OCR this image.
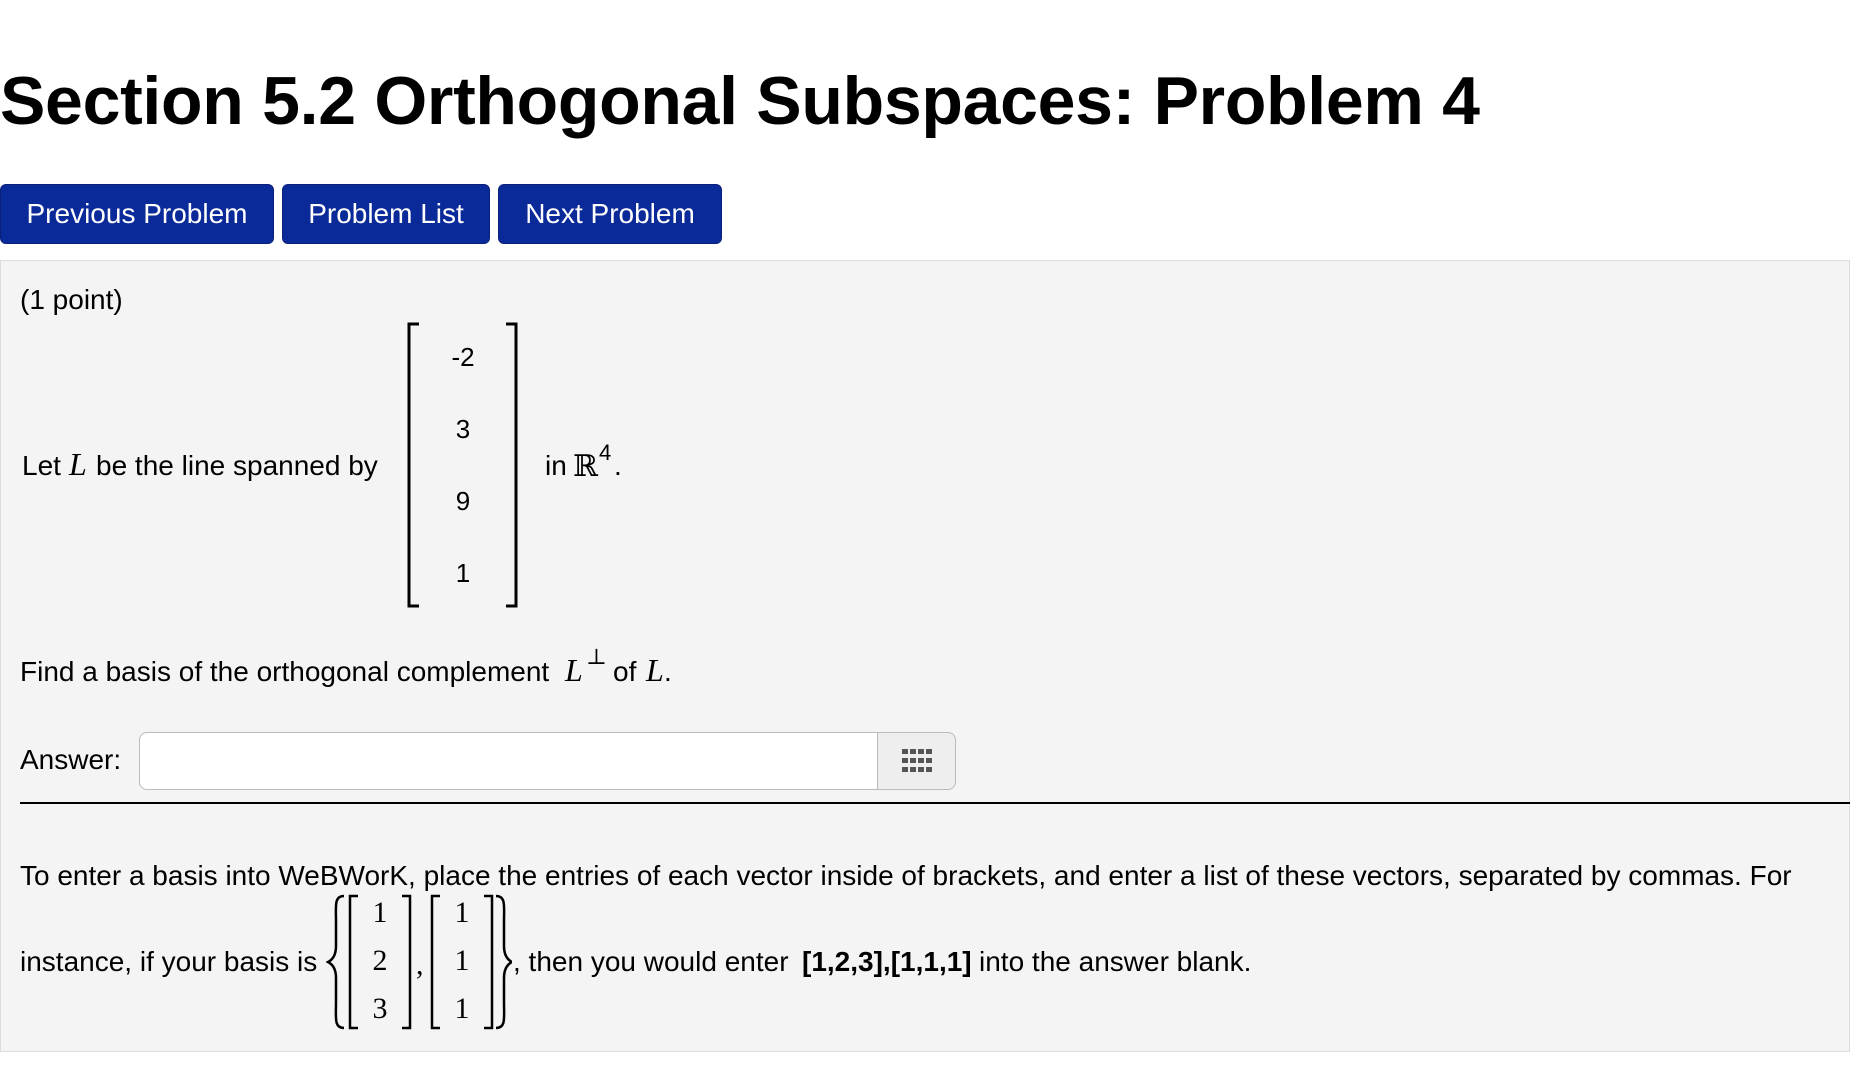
Section 5.2 Orthogonal Subspaces: Problem 4
Previous Problem	Problem List	Next Problem
(1 point)
Let L be the line spanned by
-2
3
9
1
in ℝ 4 .
Find a basis of the orthogonal complement L ⊥ of L .
Answer:
To enter a basis into WeBWorK, place the entries of each vector inside of brackets, and enter a list of these vectors, separated by commas. For
instance, if your basis is
1
2
3
,
1
1
1
, then you would enter [1,2,3],[1,1,1] into the answer blank.
